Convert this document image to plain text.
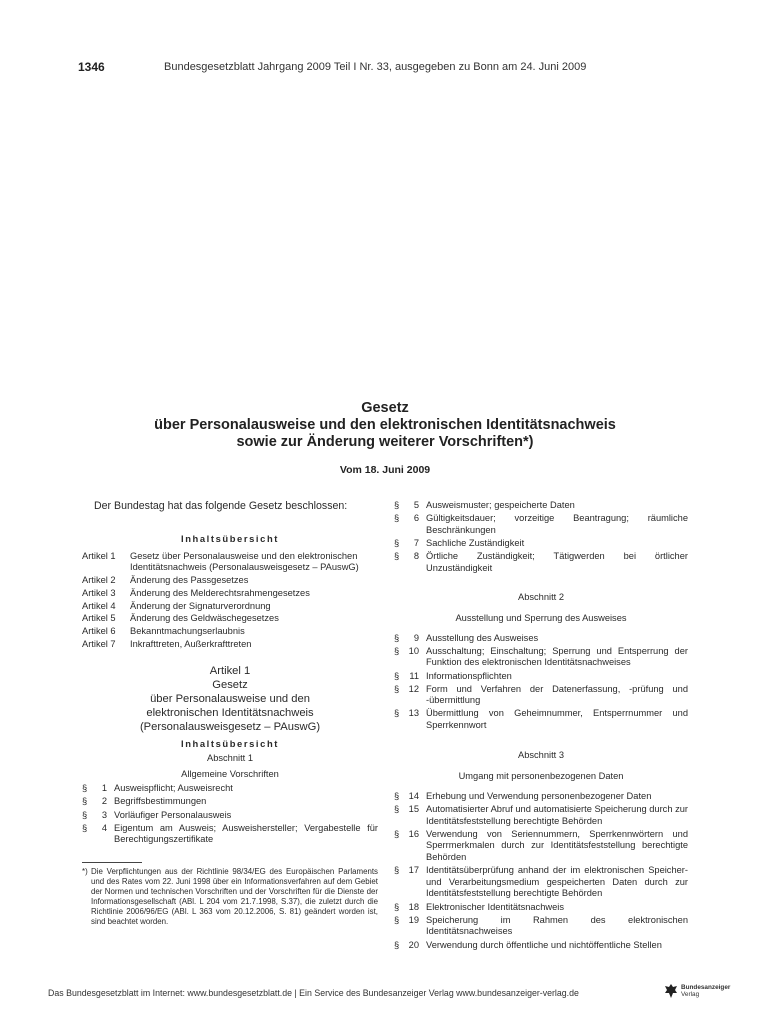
1346	Bundesgesetzblatt Jahrgang 2009 Teil I Nr. 33, ausgegeben zu Bonn am 24. Juni 2009
Gesetz
über Personalausweise und den elektronischen Identitätsnachweis
sowie zur Änderung weiterer Vorschriften*)
Vom 18. Juni 2009

Der Bundestag hat das folgende Gesetz beschlossen:

Inhaltsübersicht
Artikel 1	Gesetz über Personalausweise und den elektronischen Identitätsnachweis (Personalausweisgesetz – PAuswG)
Artikel 2	Änderung des Passgesetzes
Artikel 3	Änderung des Melderechtsrahmengesetzes
Artikel 4	Änderung der Signaturverordnung
Artikel 5	Änderung des Geldwäschegesetzes
Artikel 6	Bekanntmachungserlaubnis
Artikel 7	Inkrafttreten, Außerkrafttreten
Artikel 1
Gesetz
über Personalausweise und den
elektronischen Identitätsnachweis
(Personalausweisgesetz – PAuswG)
Inhaltsübersicht
Abschnitt 1
Allgemeine Vorschriften
§	1 Ausweispflicht; Ausweisrecht
§	2 Begriffsbestimmungen
§	3 Vorläufiger Personalausweis
§	4 Eigentum am Ausweis; Ausweishersteller; Vergabestelle für Berechtigungszertifikate
*) Die Verpflichtungen aus der Richtlinie 98/34/EG des Europäischen Parlaments und des Rates vom 22. Juni 1998 über ein Informationsverfahren auf dem Gebiet der Normen und technischen Vorschriften und der Vorschriften für die Dienste der Informationsgesellschaft (ABl. L 204 vom 21.7.1998, S.37), die zuletzt durch die Richtlinie 2006/96/EG (ABl. L 363 vom 20.12.2006, S. 81) geändert worden ist, sind beachtet worden.
§	5 Ausweismuster; gespeicherte Daten
§	6 Gültigkeitsdauer; vorzeitige Beantragung; räumliche Beschränkungen
§	7 Sachliche Zuständigkeit
§	8 Örtliche Zuständigkeit; Tätigwerden bei örtlicher Unzuständigkeit
Abschnitt 2
Ausstellung und Sperrung des Ausweises
§	9 Ausstellung des Ausweises
§	10 Ausschaltung; Einschaltung; Sperrung und Entsperrung der Funktion des elektronischen Identitätsnachweises
§	11 Informationspflichten
§	12 Form und Verfahren der Datenerfassung, -prüfung und -übermittlung
§	13 Übermittlung von Geheimnummer, Entsperrnummer und Sperrkennwort
Abschnitt 3
Umgang mit personenbezogenen Daten
§	14 Erhebung und Verwendung personenbezogener Daten
§	15 Automatisierter Abruf und automatisierte Speicherung durch zur Identitätsfeststellung berechtigte Behörden
§	16 Verwendung von Seriennummern, Sperrkennwörtern und Sperrmerkmalen durch zur Identitätsfeststellung berechtigte Behörden
§	17 Identitätsüberprüfung anhand der im elektronischen Speicher- und Verarbeitungsmedium gespeicherten Daten durch zur Identitätsfeststellung berechtigte Behörden
§	18 Elektronischer Identitätsnachweis
§	19 Speicherung im Rahmen des elektronischen Identitätsnachweises
§	20 Verwendung durch öffentliche und nichtöffentliche Stellen
Das Bundesgesetzblatt im Internet: www.bundesgesetzblatt.de | Ein Service des Bundesanzeiger Verlag www.bundesanzeiger-verlag.de
Bundesanzeiger
Verlag
